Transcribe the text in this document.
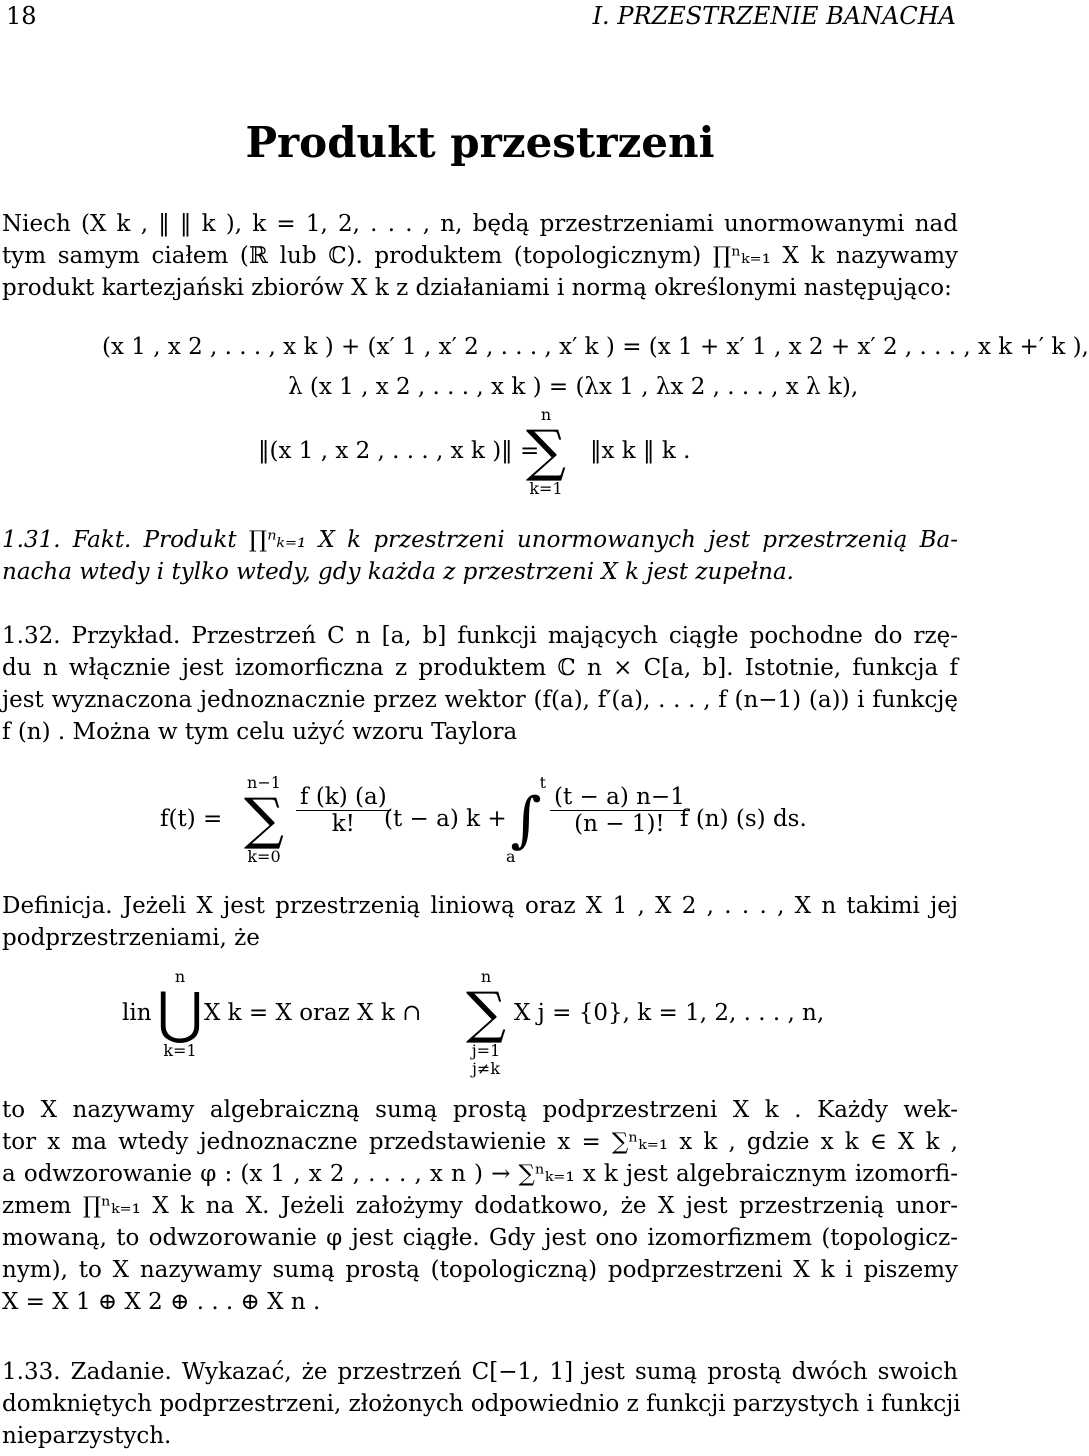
18	I. PRZESTRZENIE BANACHA
Produkt przestrzeni
Niech (X k , ‖ ‖ k ), k = 1, 2, . . . , n, będą przestrzeniami unormowanymi nad
tym samym ciałem (ℝ lub ℂ). produktem (topologicznym) ∏ⁿₖ₌₁ X k nazywamy
produkt kartezjański zbiorów X k z działaniami i normą określonymi następująco:
(x 1 , x 2 , . . . , x k ) + (x′ 1 , x′ 2 , . . . , x′ k ) = (x 1 + x′ 1 , x 2 + x′ 2 , . . . , x k +′ k ),
λ (x 1 , x 2 , . . . , x k ) = (λx 1 , λx 2 , . . . , x λ k),
‖(x 1 , x 2 , . . . , x k )‖ =
n
∑
k=1
‖x k ‖ k .
1.31. Fakt. Produkt ∏ⁿₖ₌₁ X k przestrzeni unormowanych jest przestrzenią Ba-
nacha wtedy i tylko wtedy, gdy każda z przestrzeni X k jest zupełna.
1.32. Przykład. Przestrzeń C n [a, b] funkcji mających ciągłe pochodne do rzę-
du n włącznie jest izomorficzna z produktem ℂ n × C[a, b]. Istotnie, funkcja f
jest wyznaczona jednoznacznie przez wektor (f(a), f′(a), . . . , f (n−1) (a)) i funkcję
f (n) . Można w tym celu użyć wzoru Taylora
f(t) =
n−1
∑
k=0
$\frac{f (k) (a)}{k!}$
(t − a) k +
t
∫
a
$\frac{(t - a) n-1}{(n - 1)!}$
f (n) (s) ds.
Definicja. Jeżeli X jest przestrzenią liniową oraz X 1 , X 2 , . . . , X n takimi jej
podprzestrzeniami, że
lin
n
⋃
k=1
X k = X oraz X k ∩
n
∑
j=1
j≠k
X j = {0}, k = 1, 2, . . . , n,
to X nazywamy algebraiczną sumą prostą podprzestrzeni X k . Każdy wek-
tor x ma wtedy jednoznaczne przedstawienie x = ∑ⁿₖ₌₁ x k , gdzie x k ∈ X k ,
a odwzorowanie φ : (x 1 , x 2 , . . . , x n ) → ∑ⁿₖ₌₁ x k jest algebraicznym izomorfi-
zmem ∏ⁿₖ₌₁ X k na X. Jeżeli założymy dodatkowo, że X jest przestrzenią unor-
mowaną, to odwzorowanie φ jest ciągłe. Gdy jest ono izomorfizmem (topologicz-
nym), to X nazywamy sumą prostą (topologiczną) podprzestrzeni X k i piszemy
X = X 1 ⊕ X 2 ⊕ . . . ⊕ X n .
1.33. Zadanie. Wykazać, że przestrzeń C[−1, 1] jest sumą prostą dwóch swoich
domkniętych podprzestrzeni, złożonych odpowiednio z funkcji parzystych i funkcji
nieparzystych.
